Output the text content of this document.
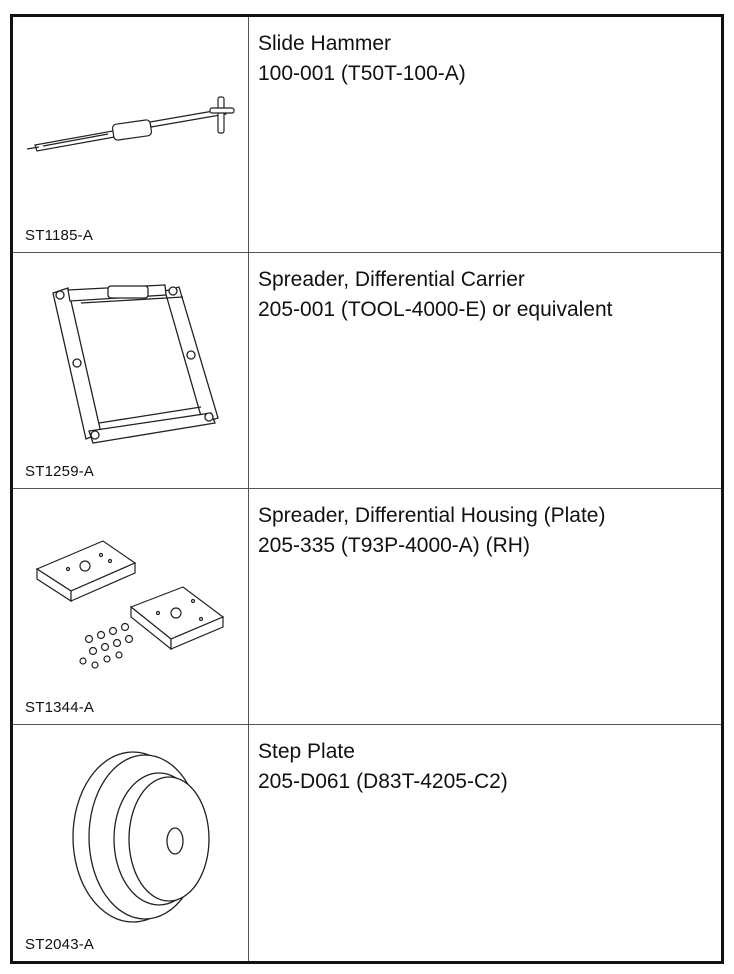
ST1185-A
Slide Hammer
100-001 (T50T-100-A)
ST1259-A
Spreader, Differential Carrier
205-001 (TOOL-4000-E) or equivalent
ST1344-A
Spreader, Differential Housing (Plate)
205-335 (T93P-4000-A) (RH)
ST2043-A
Step Plate
205-D061 (D83T-4205-C2)
